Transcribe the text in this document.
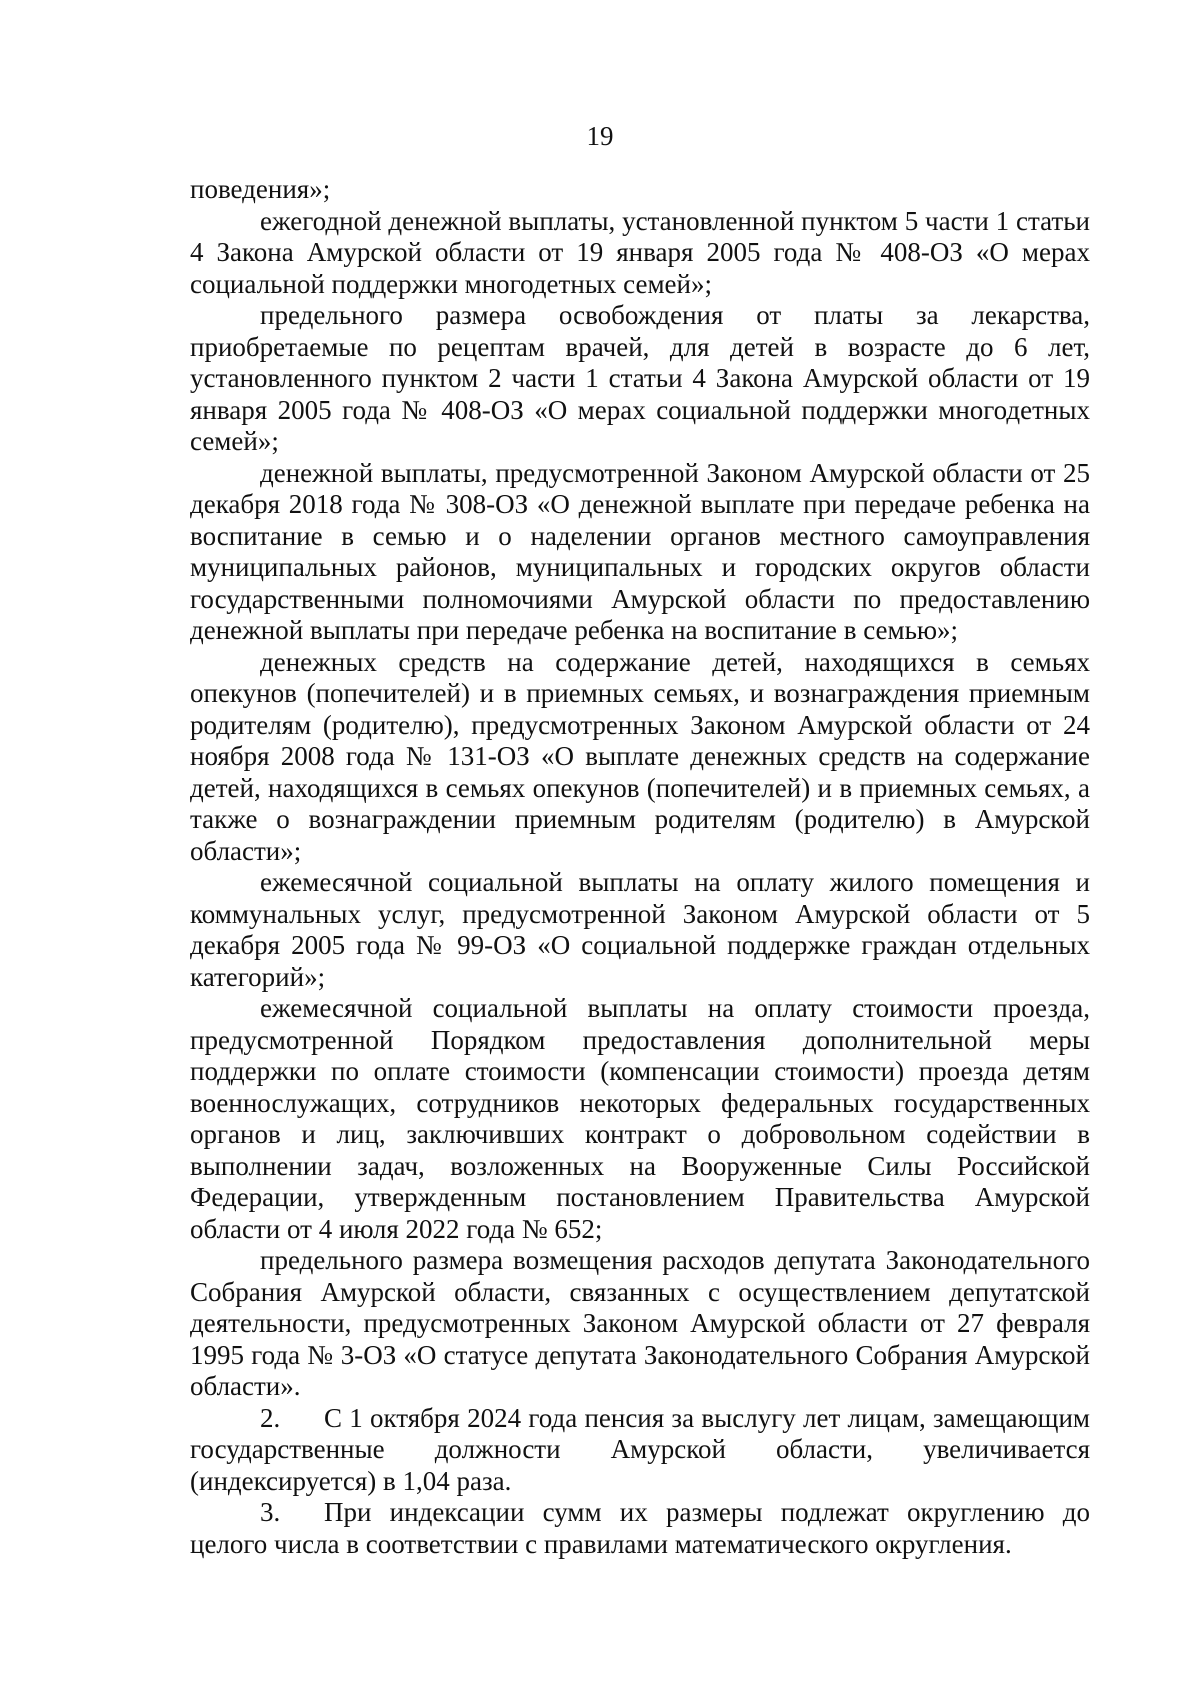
19

поведения»;

ежегодной денежной выплаты, установленной пунктом 5 части 1 статьи 4 Закона Амурской области от 19 января 2005 года № 408-ОЗ «О мерах социальной поддержки многодетных семей»;

предельного размера освобождения от платы за лекарства, приобретаемые по рецептам врачей, для детей в возрасте до 6 лет, установленного пунктом 2 части 1 статьи 4 Закона Амурской области от 19 января 2005 года № 408-ОЗ «О мерах социальной поддержки многодетных семей»;

денежной выплаты, предусмотренной Законом Амурской области от 25 декабря 2018 года № 308-ОЗ «О денежной выплате при передаче ребенка на воспитание в семью и о наделении органов местного самоуправления муниципальных районов, муниципальных и городских округов области государственными полномочиями Амурской области по предоставлению денежной выплаты при передаче ребенка на воспитание в семью»;

денежных средств на содержание детей, находящихся в семьях опекунов (попечителей) и в приемных семьях, и вознаграждения приемным родителям (родителю), предусмотренных Законом Амурской области от 24 ноября 2008 года № 131-ОЗ «О выплате денежных средств на содержание детей, находящихся в семьях опекунов (попечителей) и в приемных семьях, а также о вознаграждении приемным родителям (родителю) в Амурской области»;

ежемесячной социальной выплаты на оплату жилого помещения и коммунальных услуг, предусмотренной Законом Амурской области от 5 декабря 2005 года № 99-ОЗ «О социальной поддержке граждан отдельных категорий»;

ежемесячной социальной выплаты на оплату стоимости проезда, предусмотренной Порядком предоставления дополнительной меры поддержки по оплате стоимости (компенсации стоимости) проезда детям военнослужащих, сотрудников некоторых федеральных государственных органов и лиц, заключивших контракт о добровольном содействии в выполнении задач, возложенных на Вооруженные Силы Российской Федерации, утвержденным постановлением Правительства Амурской области от 4 июля 2022 года № 652;

предельного размера возмещения расходов депутата Законодательного Собрания Амурской области, связанных с осуществлением депутатской деятельности, предусмотренных Законом Амурской области от 27 февраля 1995 года № 3-ОЗ «О статусе депутата Законодательного Собрания Амурской области».

2. С 1 октября 2024 года пенсия за выслугу лет лицам, замещающим государственные должности Амурской области, увеличивается (индексируется) в 1,04 раза.

3. При индексации сумм их размеры подлежат округлению до целого числа в соответствии с правилами математического округления.
